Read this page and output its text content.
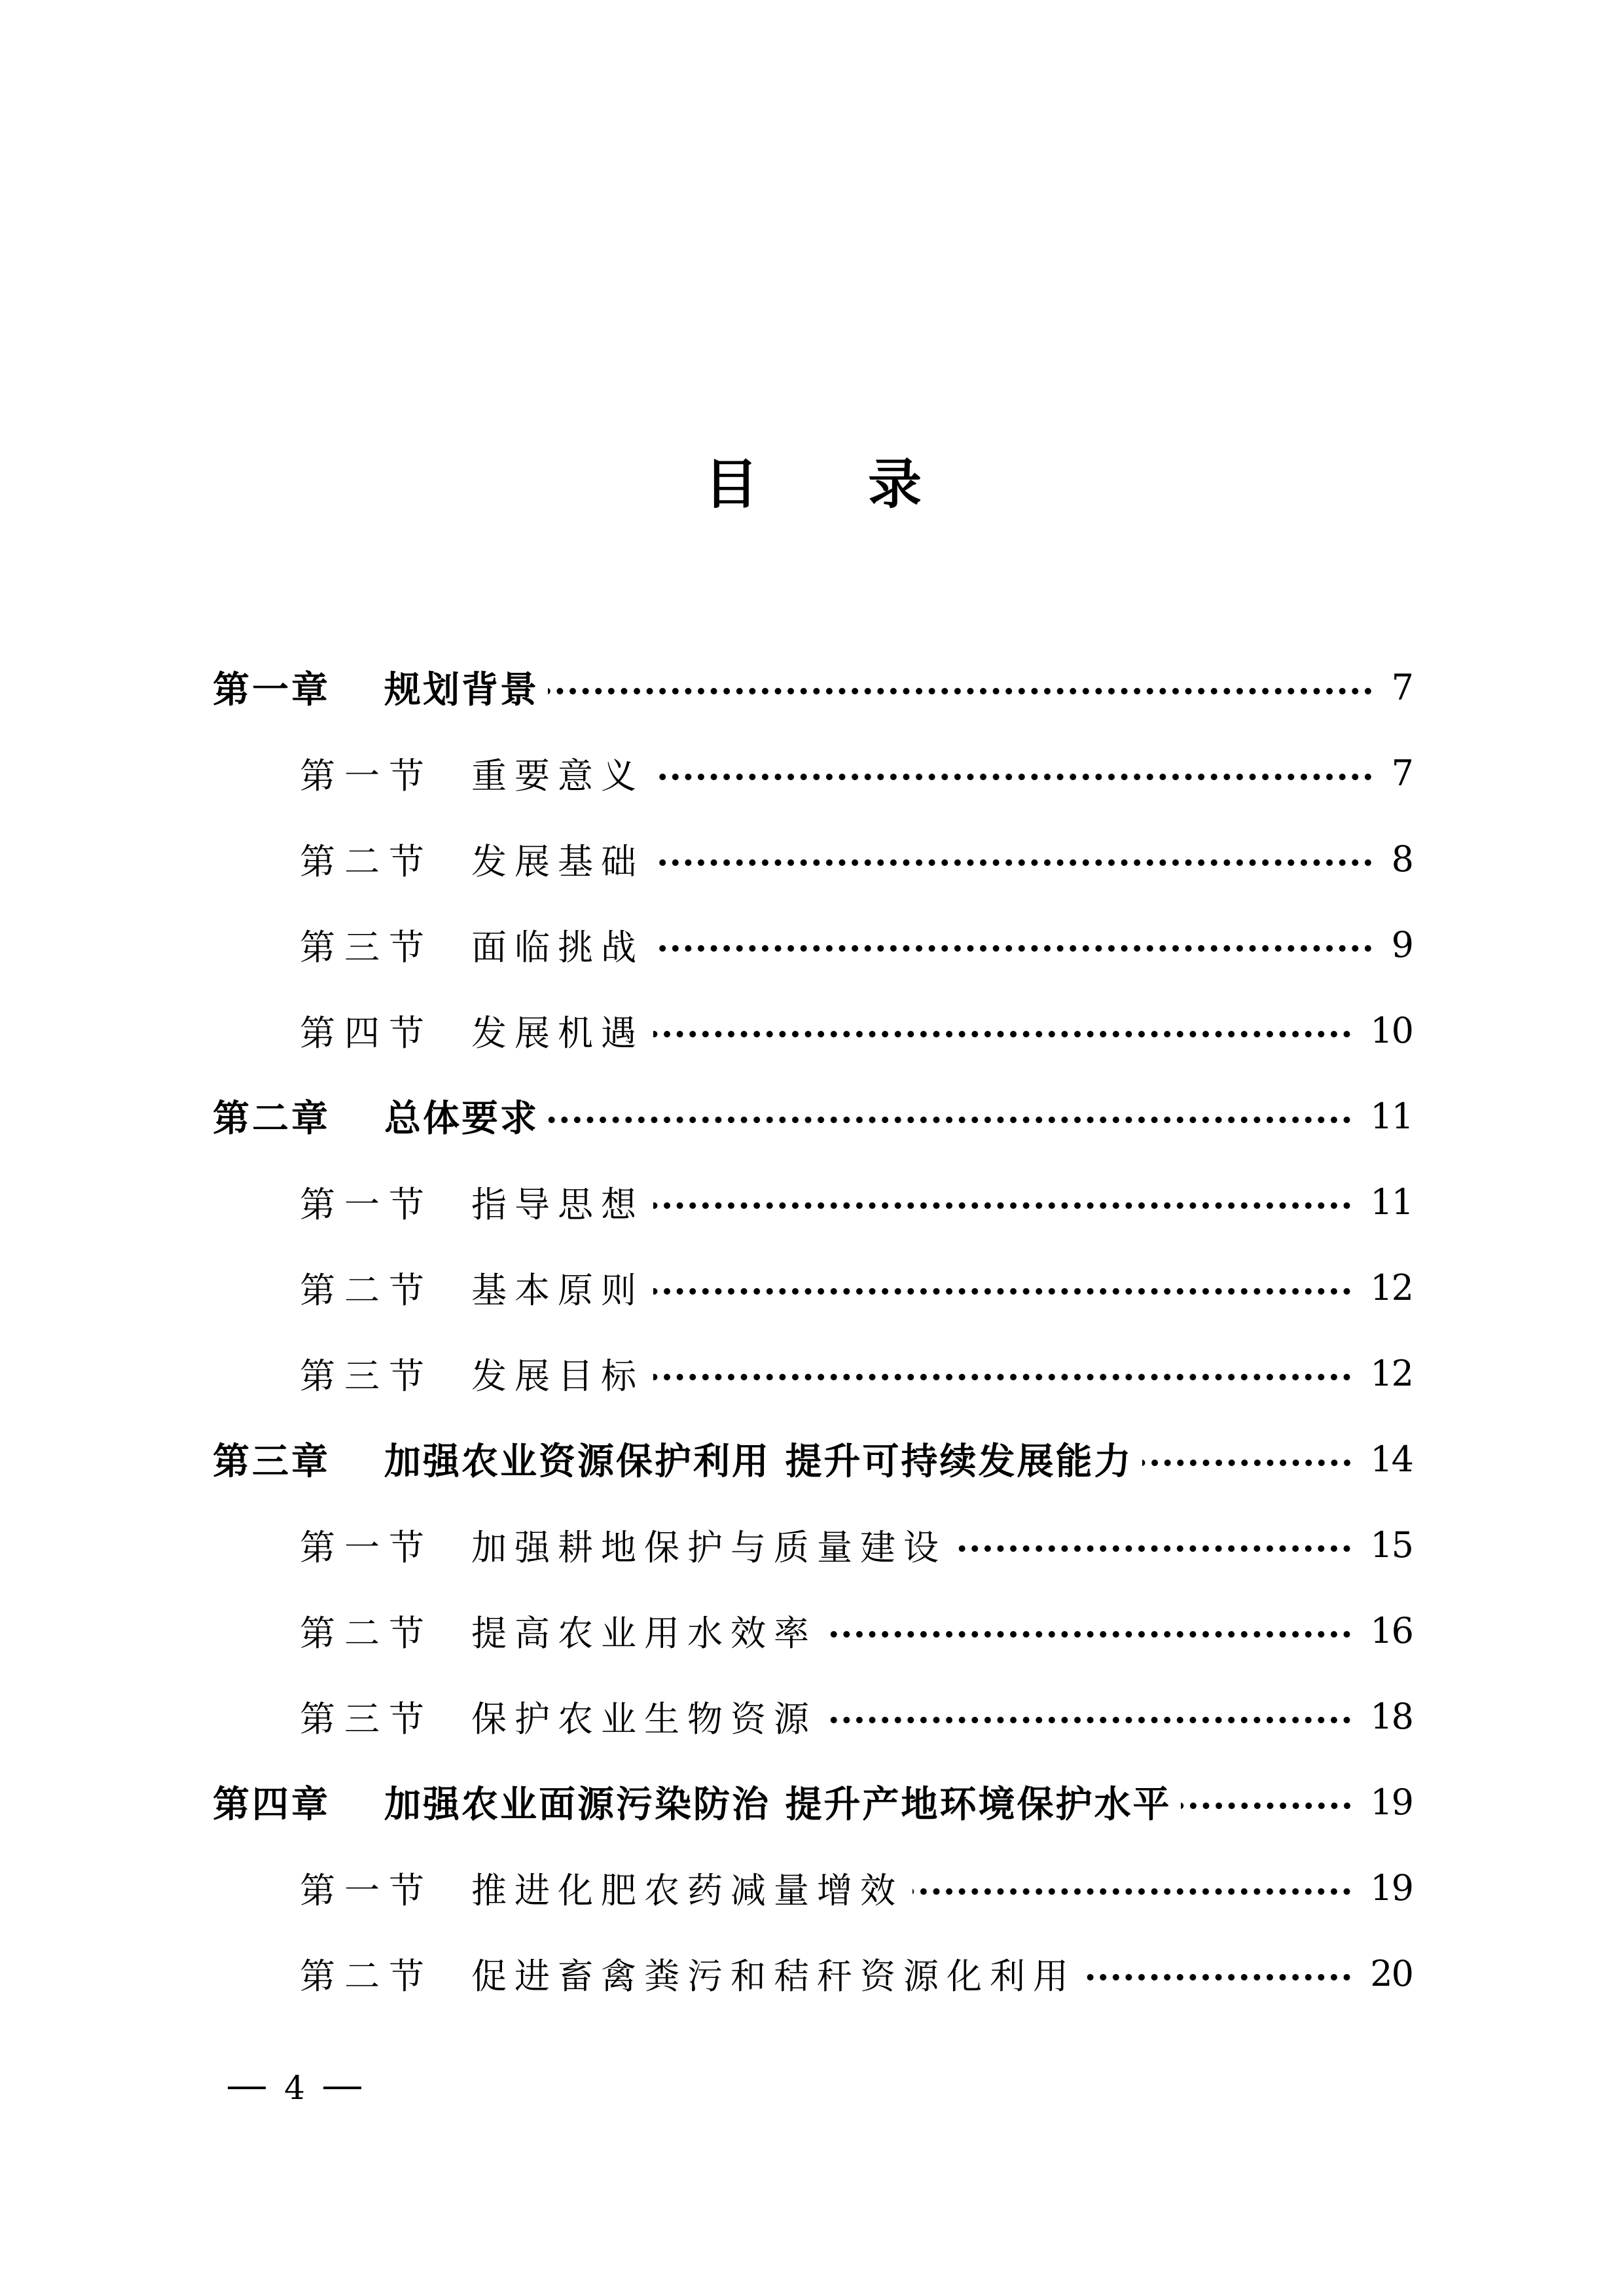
目 录
第一章	规划背景	7
第一节	重要意义	7
第二节	发展基础	8
第三节	面临挑战	9
第四节	发展机遇	10
第二章	总体要求	11
第一节	指导思想	11
第二节	基本原则	12
第三节	发展目标	12
第三章	加强农业资源保护利用 提升可持续发展能力	14
第一节	加强耕地保护与质量建设	15
第二节	提高农业用水效率	16
第三节	保护农业生物资源	18
第四章	加强农业面源污染防治 提升产地环境保护水平	19
第一节	推进化肥农药减量增效	19
第二节	促进畜禽粪污和秸秆资源化利用	20
4
